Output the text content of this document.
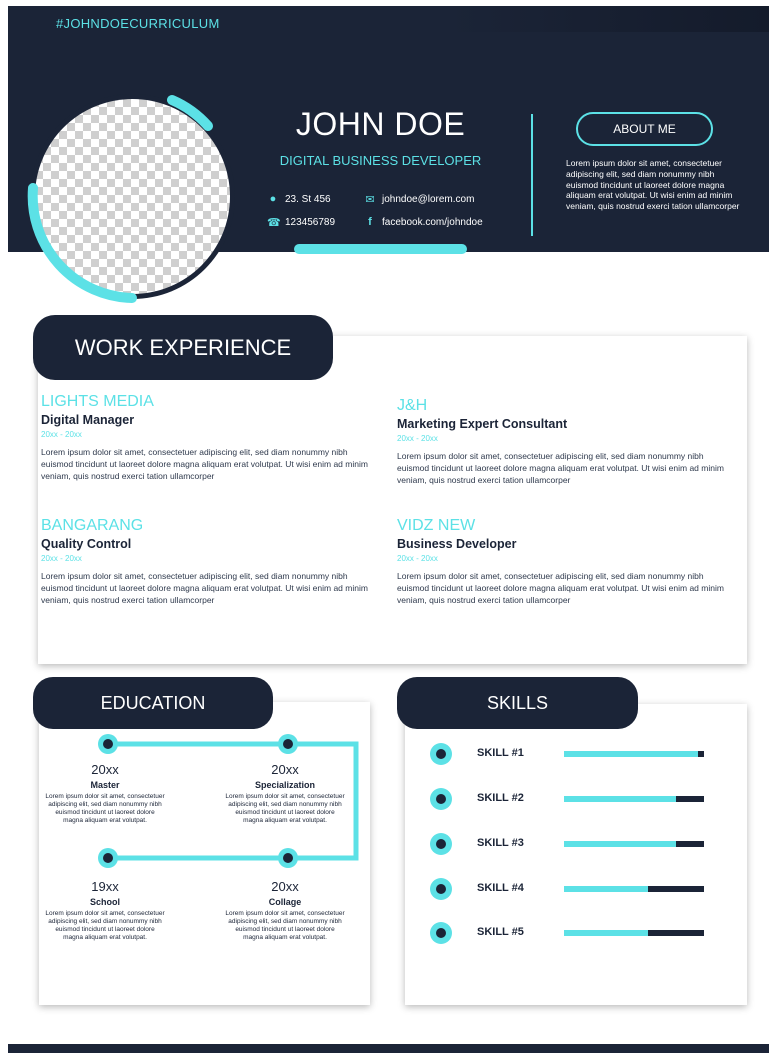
#JOHNDOECURRICULUM
JOHN DOE
DIGITAL BUSINESS DEVELOPER
● 23. St 456	✉ johndoe@lorem.com
☎ 123456789	f	facebook.com/johndoe
ABOUT ME
Lorem ipsum dolor sit amet, consectetuer adipiscing elit, sed diam nonummy nibh euismod tincidunt ut laoreet dolore magna aliquam erat volutpat. Ut wisi enim ad minim veniam, quis nostrud exerci tation ullamcorper
WORK EXPERIENCE
LIGHTS MEDIA
Digital Manager
20xx - 20xx
Lorem ipsum dolor sit amet, consectetuer adipiscing elit, sed diam nonummy nibh euismod tincidunt ut laoreet dolore magna aliquam erat volutpat. Ut wisi enim ad minim veniam, quis nostrud exerci tation ullamcorper
J&H
Marketing Expert Consultant
20xx - 20xx
Lorem ipsum dolor sit amet, consectetuer adipiscing elit, sed diam nonummy nibh euismod tincidunt ut laoreet dolore magna aliquam erat volutpat. Ut wisi enim ad minim veniam, quis nostrud exerci tation ullamcorper
BANGARANG
Quality Control
20xx - 20xx
Lorem ipsum dolor sit amet, consectetuer adipiscing elit, sed diam nonummy nibh euismod tincidunt ut laoreet dolore magna aliquam erat volutpat. Ut wisi enim ad minim veniam, quis nostrud exerci tation ullamcorper
VIDZ NEW
Business Developer
20xx - 20xx
Lorem ipsum dolor sit amet, consectetuer adipiscing elit, sed diam nonummy nibh euismod tincidunt ut laoreet dolore magna aliquam erat volutpat. Ut wisi enim ad minim veniam, quis nostrud exerci tation ullamcorper
EDUCATION
20xx
Master
Lorem ipsum dolor sit amet, consectetuer adipiscing elit, sed diam nonummy nibh euismod tincidunt ut laoreet dolore magna aliquam erat volutpat.
20xx
Specialization
Lorem ipsum dolor sit amet, consectetuer adipiscing elit, sed diam nonummy nibh euismod tincidunt ut laoreet dolore magna aliquam erat volutpat.
19xx
School
Lorem ipsum dolor sit amet, consectetuer adipiscing elit, sed diam nonummy nibh euismod tincidunt ut laoreet dolore magna aliquam erat volutpat.
20xx
Collage
Lorem ipsum dolor sit amet, consectetuer adipiscing elit, sed diam nonummy nibh euismod tincidunt ut laoreet dolore magna aliquam erat volutpat.
SKILLS
SKILL #1
SKILL #2
SKILL #3
SKILL #4
SKILL #5
